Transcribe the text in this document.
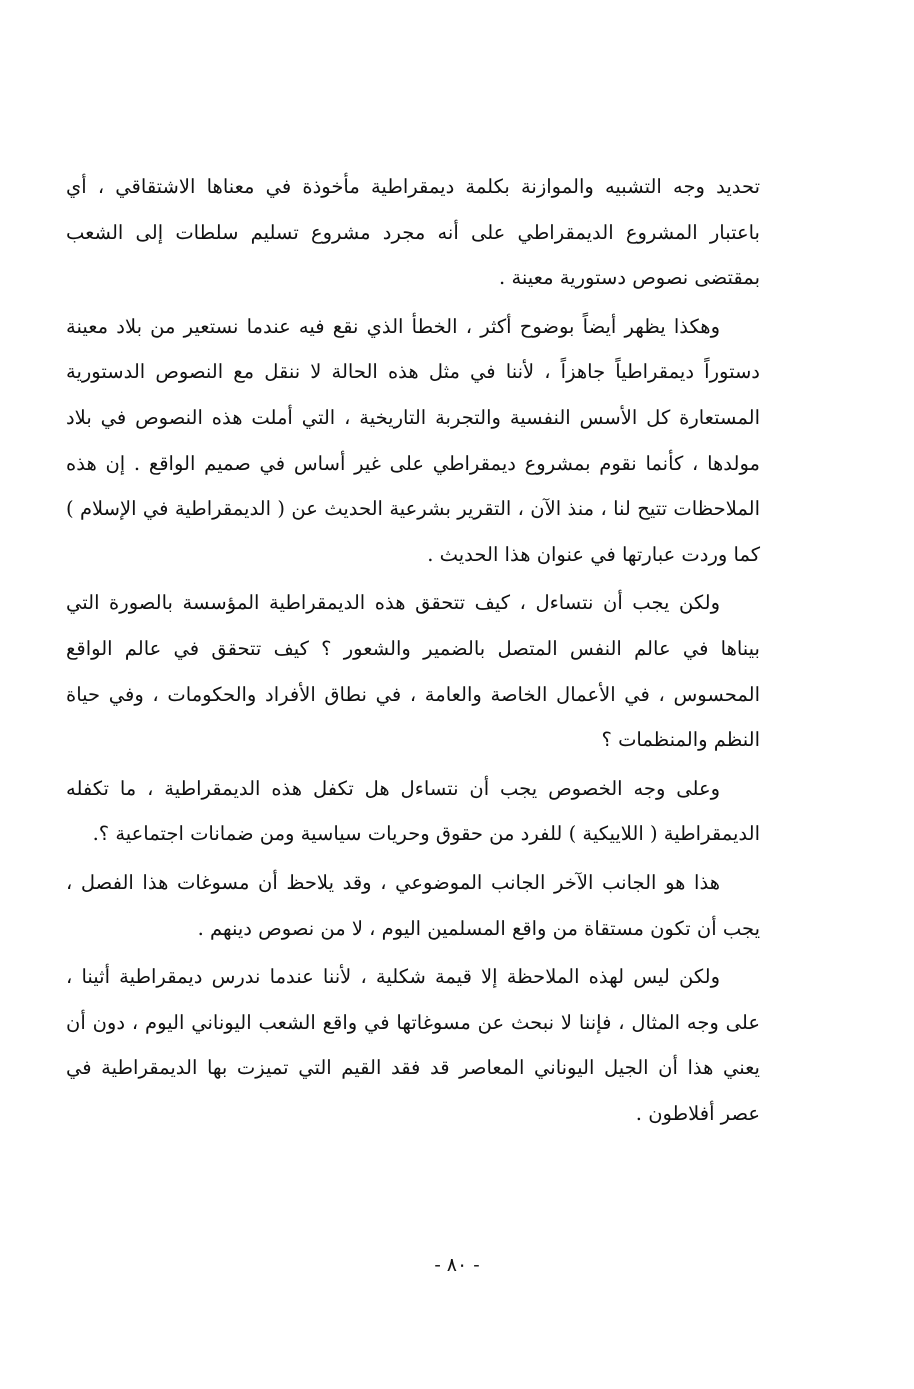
تحديد وجه التشبيه والموازنة بكلمة ديمقراطية مأخوذة في معناها الاشتقاقي ، أي باعتبار المشروع الديمقراطي على أنه مجرد مشروع تسليم سلطات إلى الشعب بمقتضى نصوص دستورية معينة .

وهكذا يظهر أيضاً بوضوح أكثر ، الخطأ الذي نقع فيه عندما نستعير من بلاد معينة دستوراً ديمقراطياً جاهزاً ، لأننا في مثل هذه الحالة لا ننقل مع النصوص الدستورية المستعارة كل الأسس النفسية والتجربة التاريخية ، التي أملت هذه النصوص في بلاد مولدها ، كأنما نقوم بمشروع ديمقراطي على غير أساس في صميم الواقع . إن هذه الملاحظات تتيح لنا ، منذ الآن ، التقرير بشرعية الحديث عن ( الديمقراطية في الإسلام ) كما وردت عبارتها في عنوان هذا الحديث .

ولكن يجب أن نتساءل ، كيف تتحقق هذه الديمقراطية المؤسسة بالصورة التي بيناها في عالم النفس المتصل بالضمير والشعور ؟ كيف تتحقق في عالم الواقع المحسوس ، في الأعمال الخاصة والعامة ، في نطاق الأفراد والحكومات ، وفي حياة النظم والمنظمات ؟

وعلى وجه الخصوص يجب أن نتساءل هل تكفل هذه الديمقراطية ، ما تكفله الديمقراطية ( اللاييكية ) للفرد من حقوق وحريات سياسية ومن ضمانات اجتماعية ؟.

هذا هو الجانب الآخر الجانب الموضوعي ، وقد يلاحظ أن مسوغات هذا الفصل ، يجب أن تكون مستقاة من واقع المسلمين اليوم ، لا من نصوص دينهم .

ولكن ليس لهذه الملاحظة إلا قيمة شكلية ، لأننا عندما ندرس ديمقراطية أثينا ، على وجه المثال ، فإننا لا نبحث عن مسوغاتها في واقع الشعب اليوناني اليوم ، دون أن يعني هذا أن الجيل اليوناني المعاصر قد فقد القيم التي تميزت بها الديمقراطية في عصر أفلاطون .

- ٨٠ -
